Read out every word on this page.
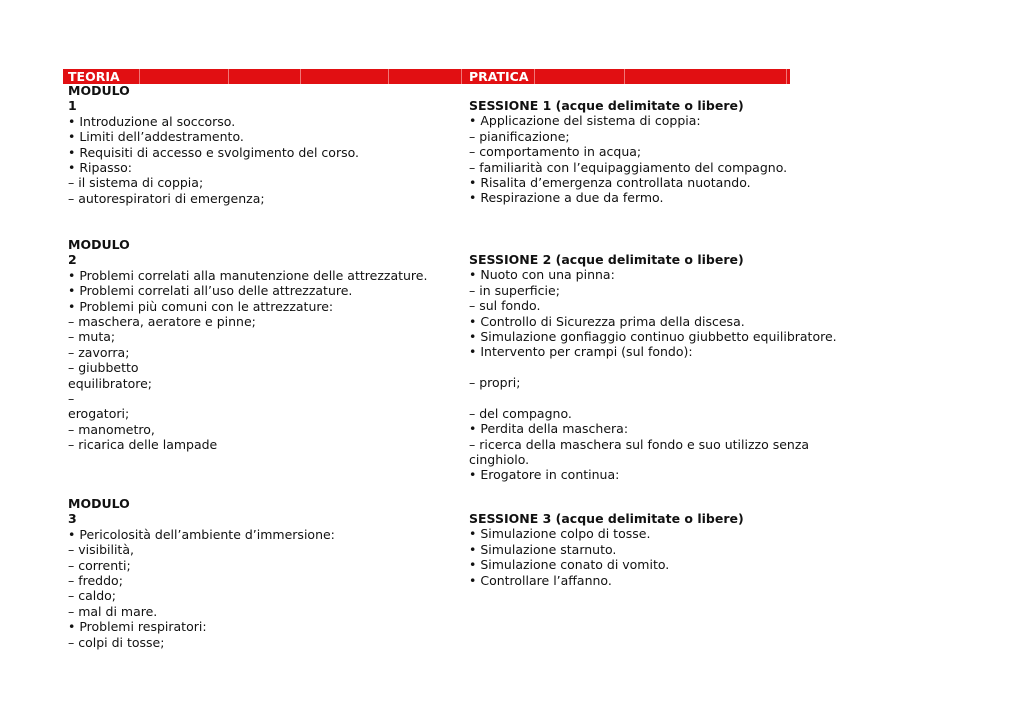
TEORIA	PRATICA
MODULO
1
• Introduzione al soccorso.
• Limiti dell’addestramento.
• Requisiti di accesso e svolgimento del corso.
• Ripasso:
– il sistema di coppia;
– autorespiratori di emergenza;
MODULO
2
• Problemi correlati alla manutenzione delle attrezzature.
• Problemi correlati all’uso delle attrezzature.
• Problemi più comuni con le attrezzature:
– maschera, aeratore e pinne;
– muta;
– zavorra;
– giubbetto
equilibratore;
–
erogatori;
– manometro,
– ricarica delle lampade
MODULO
3
• Pericolosità dell’ambiente d’immersione:
– visibilità,
– correnti;
– freddo;
– caldo;
– mal di mare.
• Problemi respiratori:
– colpi di tosse;
SESSIONE 1 (acque delimitate o libere)
• Applicazione del sistema di coppia:
– pianificazione;
– comportamento in acqua;
– familiarità con l’equipaggiamento del compagno.
• Risalita d’emergenza controllata nuotando.
• Respirazione a due da fermo.
SESSIONE 2 (acque delimitate o libere)
• Nuoto con una pinna:
– in superficie;
– sul fondo.
• Controllo di Sicurezza prima della discesa.
• Simulazione gonfiaggio continuo giubbetto equilibratore.
• Intervento per crampi (sul fondo):
– propri;
– del compagno.
• Perdita della maschera:
– ricerca della maschera sul fondo e suo utilizzo senza
cinghiolo.
• Erogatore in continua:
SESSIONE 3 (acque delimitate o libere)
• Simulazione colpo di tosse.
• Simulazione starnuto.
• Simulazione conato di vomito.
• Controllare l’affanno.
